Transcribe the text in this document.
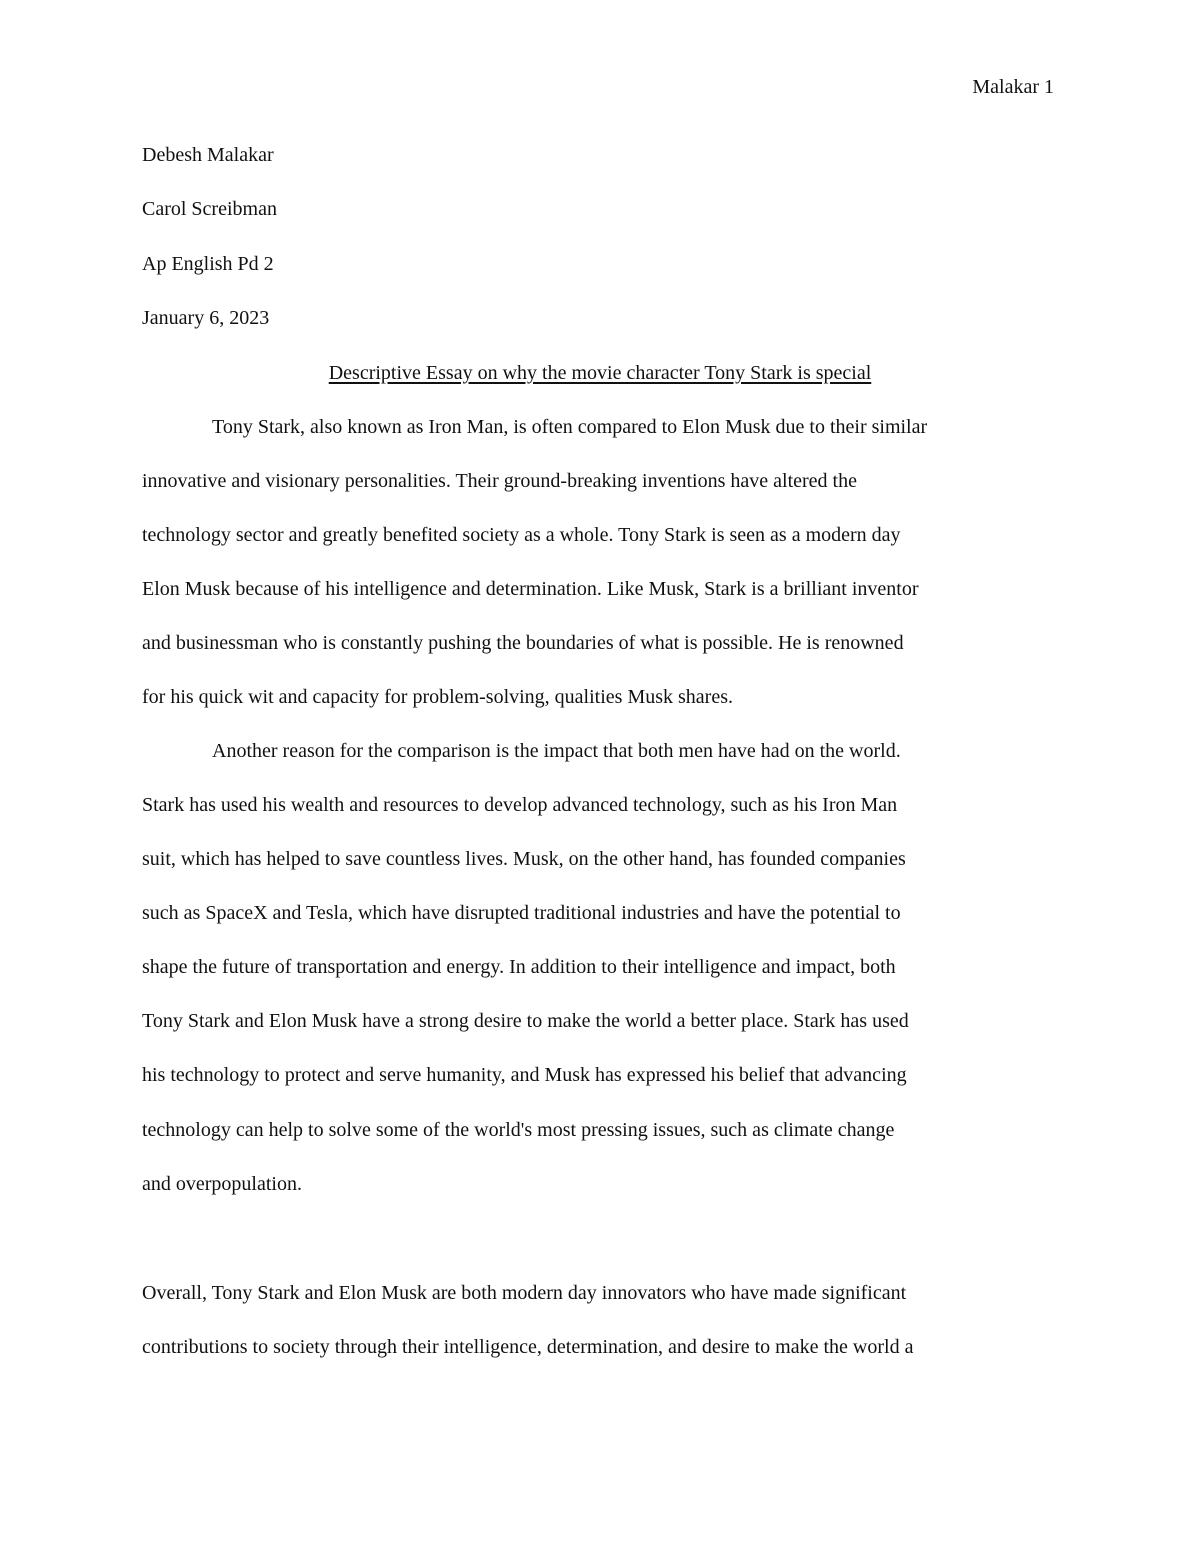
Malakar 1
Debesh Malakar
Carol Screibman
Ap English Pd 2
January 6, 2023
Descriptive Essay on why the movie character Tony Stark is special
Tony Stark, also known as Iron Man, is often compared to Elon Musk due to their similar
innovative and visionary personalities. Their ground-breaking inventions have altered the
technology sector and greatly benefited society as a whole. Tony Stark is seen as a modern day
Elon Musk because of his intelligence and determination. Like Musk, Stark is a brilliant inventor
and businessman who is constantly pushing the boundaries of what is possible. He is renowned
for his quick wit and capacity for problem-solving, qualities Musk shares.
Another reason for the comparison is the impact that both men have had on the world.
Stark has used his wealth and resources to develop advanced technology, such as his Iron Man
suit, which has helped to save countless lives. Musk, on the other hand, has founded companies
such as SpaceX and Tesla, which have disrupted traditional industries and have the potential to
shape the future of transportation and energy. In addition to their intelligence and impact, both
Tony Stark and Elon Musk have a strong desire to make the world a better place. Stark has used
his technology to protect and serve humanity, and Musk has expressed his belief that advancing
technology can help to solve some of the world's most pressing issues, such as climate change
and overpopulation.
Overall, Tony Stark and Elon Musk are both modern day innovators who have made significant
contributions to society through their intelligence, determination, and desire to make the world a
